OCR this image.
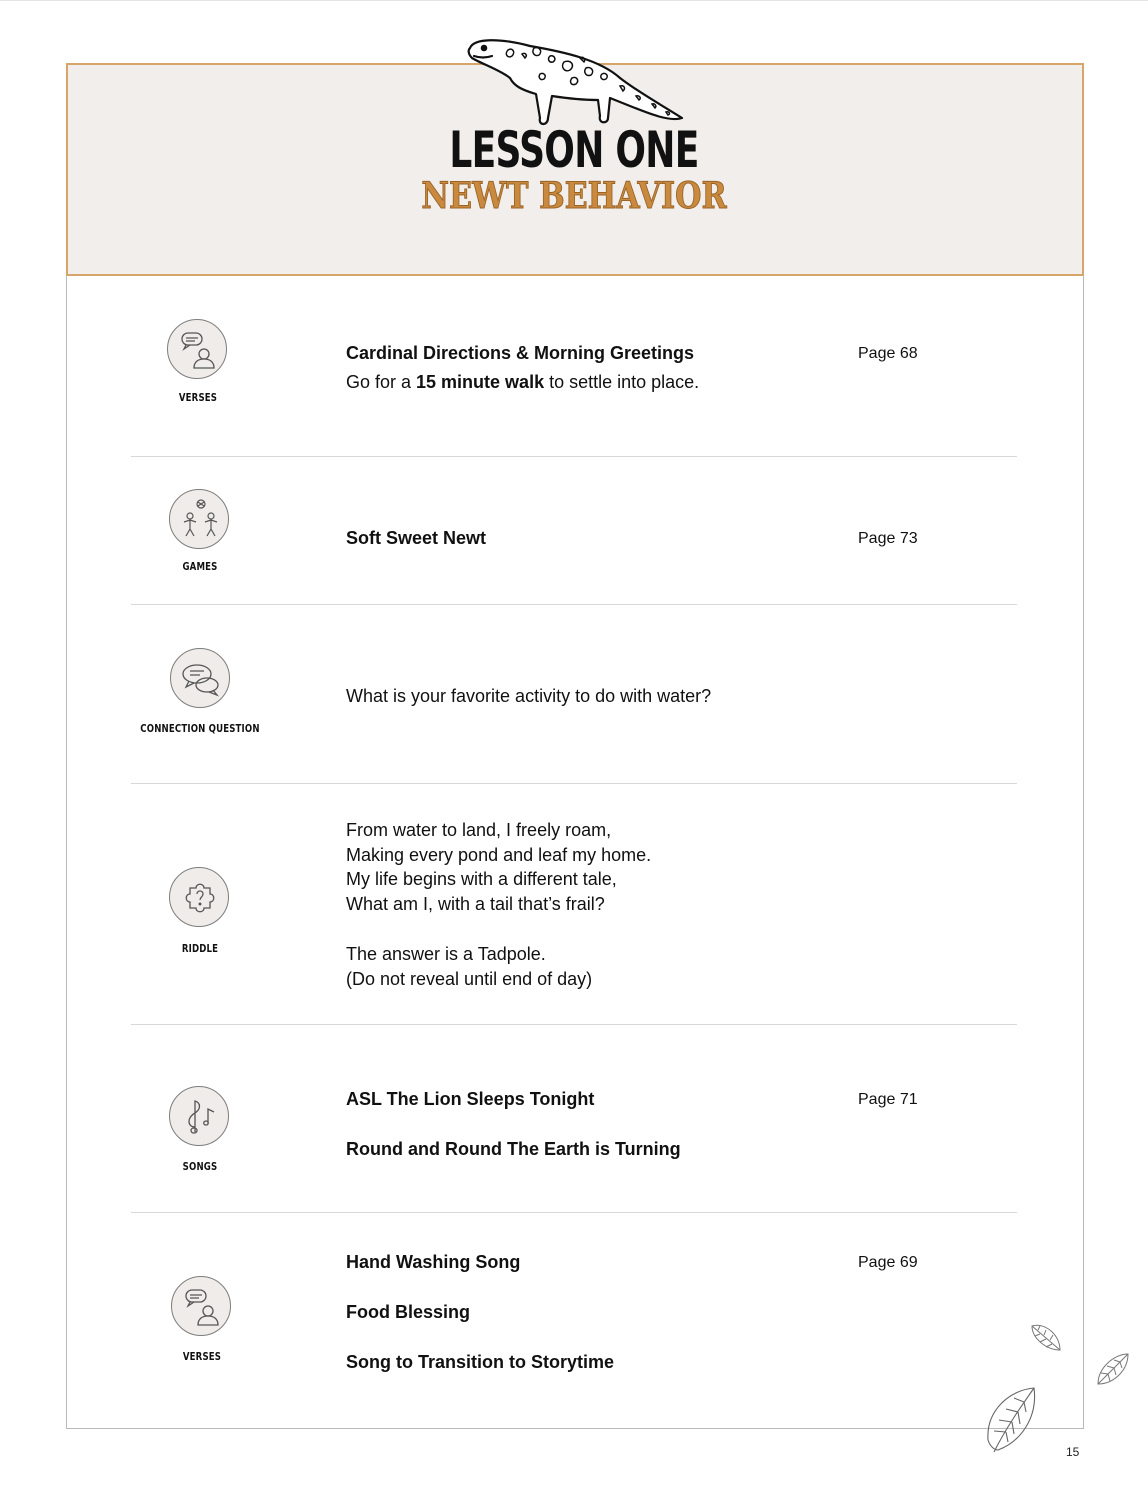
LESSON ONE
NEWT BEHAVIOR
VERSES
Cardinal Directions & Morning Greetings	Page 68
Go for a 15 minute walk to settle into place.
GAMES
Soft Sweet Newt	Page 73
CONNECTION QUESTION
What is your favorite activity to do with water?
RIDDLE
From water to land, I freely roam,
Making every pond and leaf my home.
My life begins with a different tale,
What am I, with a tail that’s frail?
The answer is a Tadpole.
(Do not reveal until end of day)
SONGS
ASL The Lion Sleeps Tonight
Round and Round The Earth is Turning
Page 71
VERSES
Hand Washing Song
Food Blessing
Song to Transition to Storytime
Page 69
15
